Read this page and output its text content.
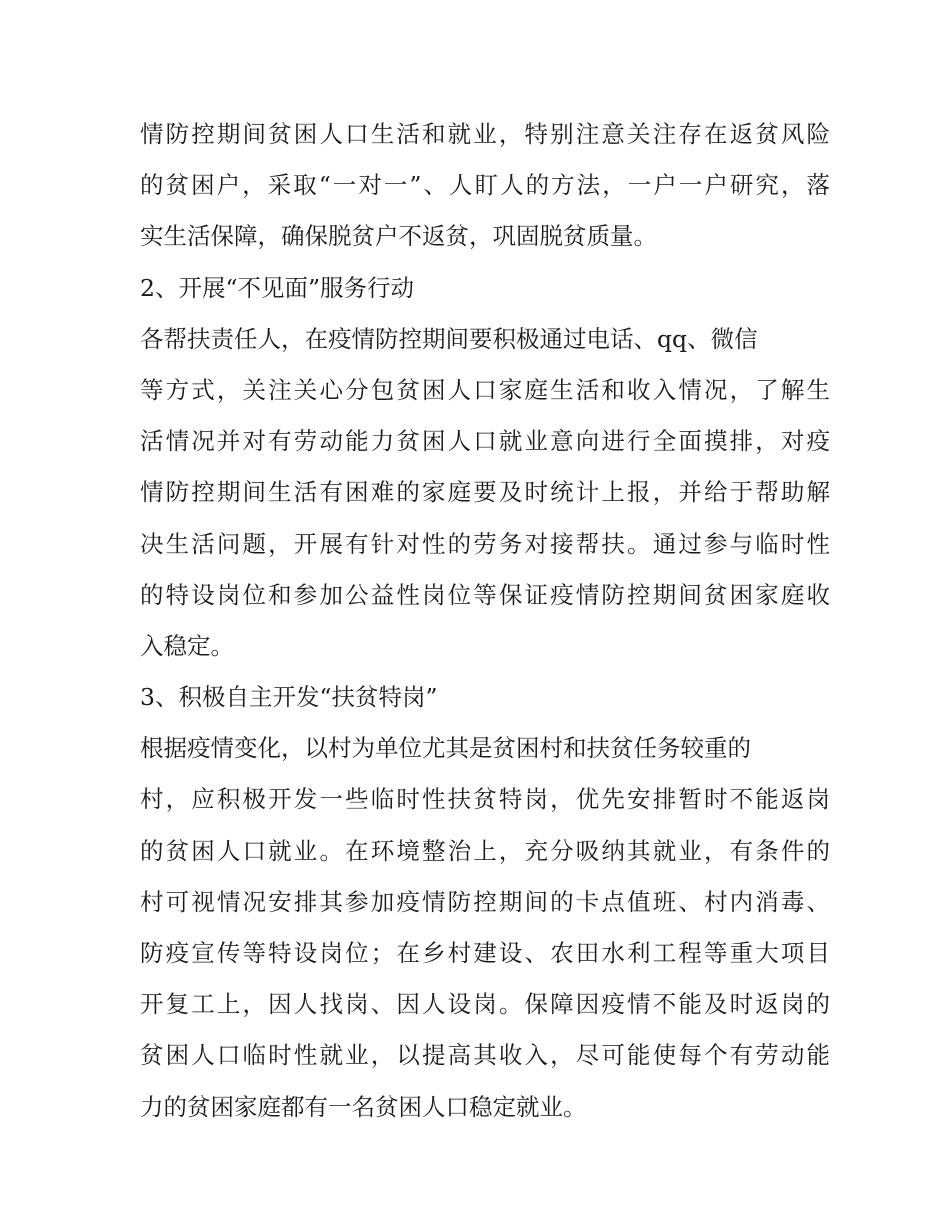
情防控期间贫困人口生活和就业，特别注意关注存在返贫风险
的贫困户，采取“一对一”、人盯人的方法，一户一户研究，落
实生活保障，确保脱贫户不返贫，巩固脱贫质量。
2、开展“不见面”服务行动
各帮扶责任人，在疫情防控期间要积极通过电话、qq、微信
等方式，关注关心分包贫困人口家庭生活和收入情况，了解生
活情况并对有劳动能力贫困人口就业意向进行全面摸排，对疫
情防控期间生活有困难的家庭要及时统计上报，并给于帮助解
决生活问题，开展有针对性的劳务对接帮扶。通过参与临时性
的特设岗位和参加公益性岗位等保证疫情防控期间贫困家庭收
入稳定。
3、积极自主开发“扶贫特岗”
根据疫情变化，以村为单位尤其是贫困村和扶贫任务较重的
村，应积极开发一些临时性扶贫特岗，优先安排暂时不能返岗
的贫困人口就业。在环境整治上，充分吸纳其就业，有条件的
村可视情况安排其参加疫情防控期间的卡点值班、村内消毒、
防疫宣传等特设岗位；在乡村建设、农田水利工程等重大项目
开复工上，因人找岗、因人设岗。保障因疫情不能及时返岗的
贫困人口临时性就业，以提高其收入，尽可能使每个有劳动能
力的贫困家庭都有一名贫困人口稳定就业。
